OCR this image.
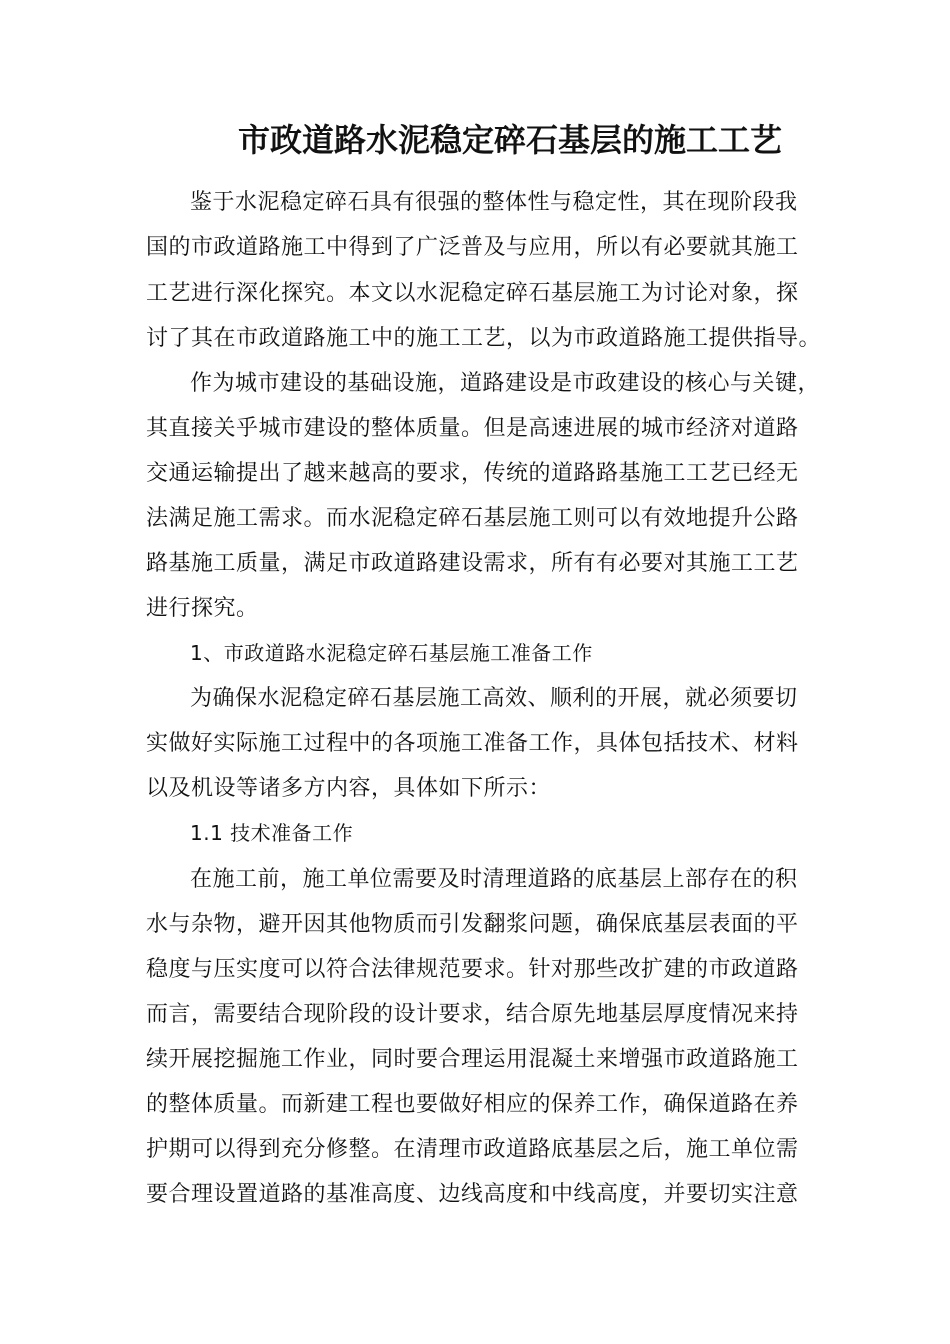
市政道路水泥稳定碎石基层的施工工艺
鉴于水泥稳定碎石具有很强的整体性与稳定性，其在现阶段我
国的市政道路施工中得到了广泛普及与应用，所以有必要就其施工
工艺进行深化探究。本文以水泥稳定碎石基层施工为讨论对象，探
讨了其在市政道路施工中的施工工艺，以为市政道路施工提供指导。
作为城市建设的基础设施，道路建设是市政建设的核心与关键，
其直接关乎城市建设的整体质量。但是高速进展的城市经济对道路
交通运输提出了越来越高的要求，传统的道路路基施工工艺已经无
法满足施工需求。而水泥稳定碎石基层施工则可以有效地提升公路
路基施工质量，满足市政道路建设需求，所有有必要对其施工工艺
进行探究。
1、市政道路水泥稳定碎石基层施工准备工作
为确保水泥稳定碎石基层施工高效、顺利的开展，就必须要切
实做好实际施工过程中的各项施工准备工作，具体包括技术、材料
以及机设等诸多方内容，具体如下所示：
1.1 技术准备工作
在施工前，施工单位需要及时清理道路的底基层上部存在的积
水与杂物，避开因其他物质而引发翻浆问题，确保底基层表面的平
稳度与压实度可以符合法律规范要求。针对那些改扩建的市政道路
而言，需要结合现阶段的设计要求，结合原先地基层厚度情况来持
续开展挖掘施工作业，同时要合理运用混凝土来增强市政道路施工
的整体质量。而新建工程也要做好相应的保养工作，确保道路在养
护期可以得到充分修整。在清理市政道路底基层之后，施工单位需
要合理设置道路的基准高度、边线高度和中线高度，并要切实注意
